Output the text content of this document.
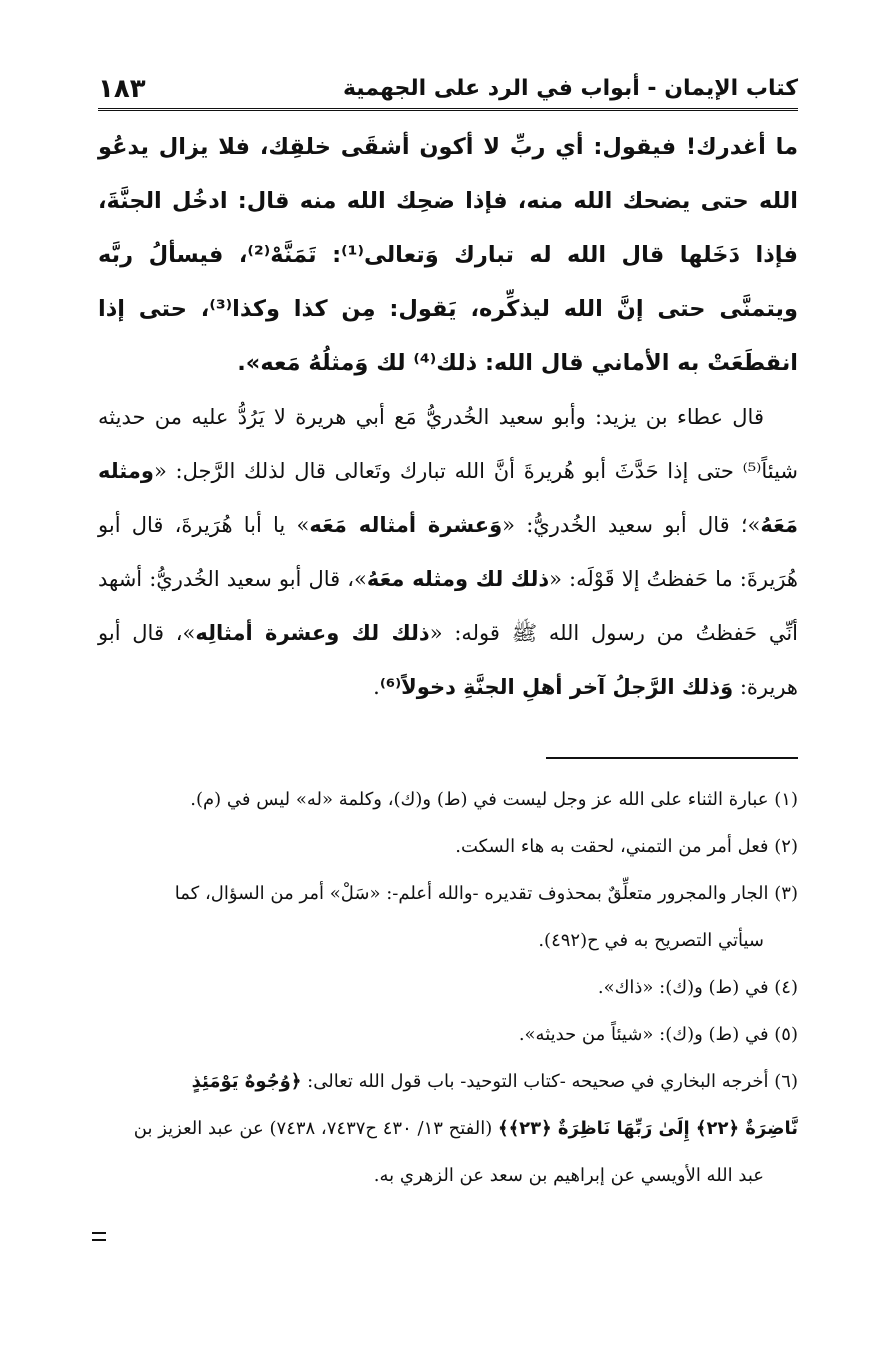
كتاب الإيمان - أبواب في الرد على الجهمية
١٨٣

ما أغدرك! فيقول: أي ربِّ لا أكون أشقَى خلقِك، فلا يزال يدعُو الله حتى يضحك الله منه، فإذا ضحِك الله منه قال: ادخُل الجنَّةَ، فإذا دَخَلها قال الله له تبارك وَتعالى⁽¹⁾: تَمَنَّهْ⁽²⁾، فيسألُ ربَّه ويتمنَّى حتى إنَّ الله ليذكِّره، يَقول: مِن كذا وكذا⁽³⁾، حتى إذا انقطَعَتْ به الأماني قال الله: ذلك⁽⁴⁾ لك وَمثلُهُ مَعه».

قال عطاء بن يزيد: وأبو سعيد الخُدريُّ مَع أبي هريرة لا يَرُدُّ عليه من حديثه شيئاً⁽⁵⁾ حتى إذا حَدَّثَ أبو هُريرةَ أنَّ الله تبارك وتَعالى قال لذلك الرَّجل: «ومثله مَعَهُ»؛ قال أبو سعيد الخُدريُّ: «وَعشرة أمثاله مَعَه» يا أبا هُرَيرةَ، قال أبو هُرَيرةَ: ما حَفظتُ إلا قَوْلَه: «ذلك لك ومثله معَهُ»، قال أبو سعيد الخُدريُّ: أشهد أنِّي حَفظتُ من رسول الله ﷺ قوله: «ذلك لك وعشرة أمثالِه»، قال أبو هريرة: وَذلك الرَّجلُ آخر أهلِ الجنَّةِ دخولاً⁽⁶⁾.

(١) عبارة الثناء على الله عز وجل ليست في (ط) و(ك)، وكلمة «له» ليس في (م).

(٢) فعل أمر من التمني، لحقت به هاء السكت.

(٣) الجار والمجرور متعلِّقٌ بمحذوف تقديره -والله أعلم-: «سَلْ» أمر من السؤال، كما

سيأتي التصريح به في ح(٤٩٢).

(٤) في (ط) و(ك): «ذاك».

(٥) في (ط) و(ك): «شيئاً من حديثه».

(٦) أخرجه البخاري في صحيحه -كتاب التوحيد- باب قول الله تعالى: ﴿وُجُوهٌ يَوْمَئِذٍ

نَّاضِرَةٌ ﴿٢٢﴾ إِلَىٰ رَبِّهَا نَاظِرَةٌ ﴿٢٣﴾﴾ (الفتح ١٣/ ٤٣٠ ح٧٤٣٧، ٧٤٣٨) عن عبد العزيز بن

عبد الله الأويسي عن إبراهيم بن سعد عن الزهري به.
